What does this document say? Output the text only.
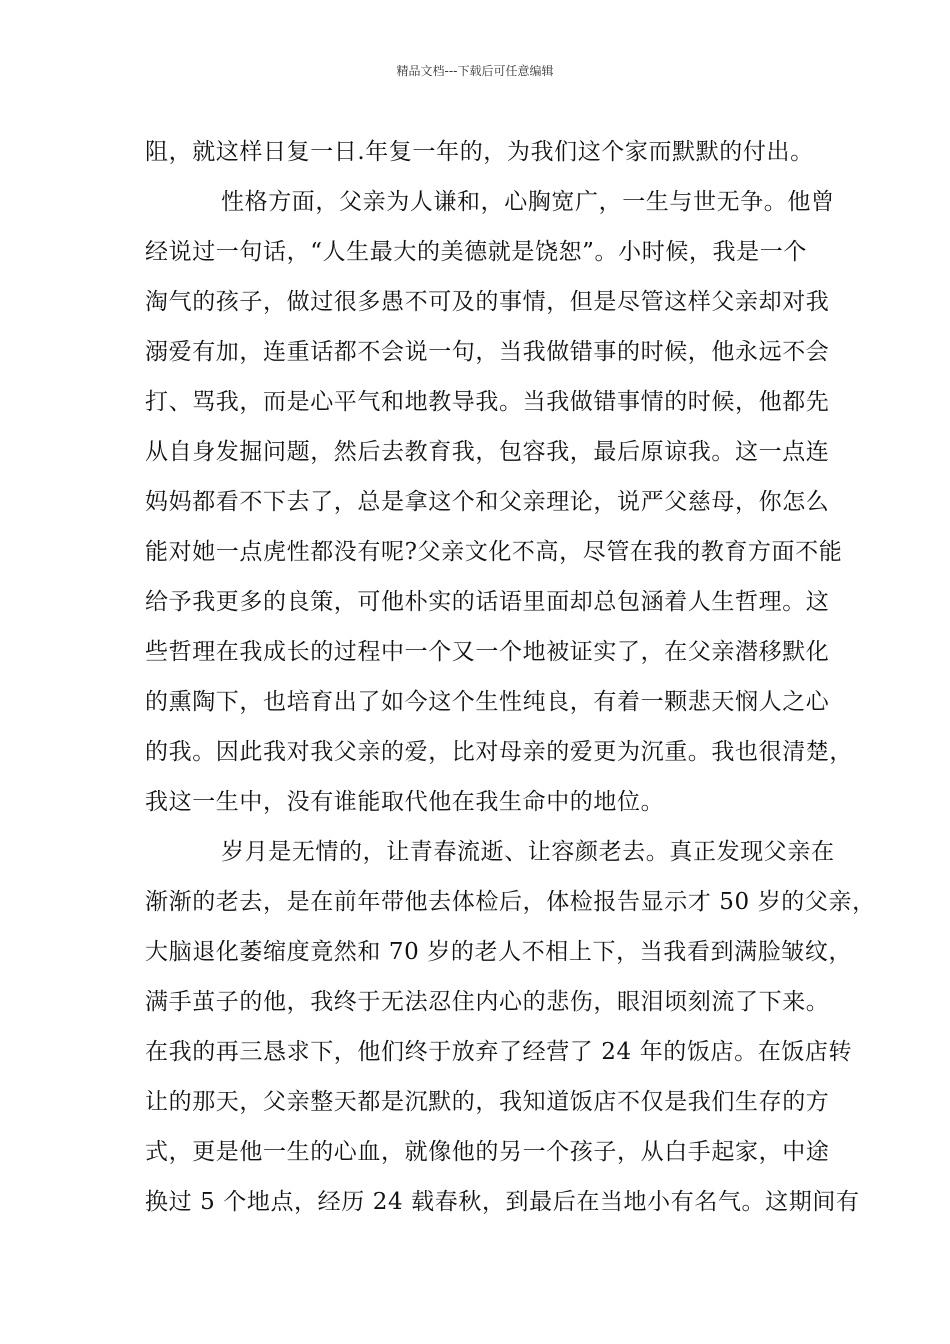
精品文档---下载后可任意编辑
阻，就这样日复一日.年复一年的，为我们这个家而默默的付出。
性格方面，父亲为人谦和，心胸宽广，一生与世无争。他曾
经说过一句话，“人生最大的美德就是饶恕”。小时候，我是一个
淘气的孩子，做过很多愚不可及的事情，但是尽管这样父亲却对我
溺爱有加，连重话都不会说一句，当我做错事的时候，他永远不会
打、骂我，而是心平气和地教导我。当我做错事情的时候，他都先
从自身发掘问题，然后去教育我，包容我，最后原谅我。这一点连
妈妈都看不下去了，总是拿这个和父亲理论，说严父慈母，你怎么
能对她一点虎性都没有呢?父亲文化不高，尽管在我的教育方面不能
给予我更多的良策，可他朴实的话语里面却总包涵着人生哲理。这
些哲理在我成长的过程中一个又一个地被证实了，在父亲潜移默化
的熏陶下，也培育出了如今这个生性纯良，有着一颗悲天悯人之心
的我。因此我对我父亲的爱，比对母亲的爱更为沉重。我也很清楚，
我这一生中，没有谁能取代他在我生命中的地位。
岁月是无情的，让青春流逝、让容颜老去。真正发现父亲在
渐渐的老去，是在前年带他去体检后，体检报告显示才 50 岁的父亲，
大脑退化萎缩度竟然和 70 岁的老人不相上下，当我看到满脸皱纹，
满手茧子的他，我终于无法忍住内心的悲伤，眼泪顷刻流了下来。
在我的再三恳求下，他们终于放弃了经营了 24 年的饭店。在饭店转
让的那天，父亲整天都是沉默的，我知道饭店不仅是我们生存的方
式，更是他一生的心血，就像他的另一个孩子，从白手起家，中途
换过 5 个地点，经历 24 载春秋，到最后在当地小有名气。这期间有
